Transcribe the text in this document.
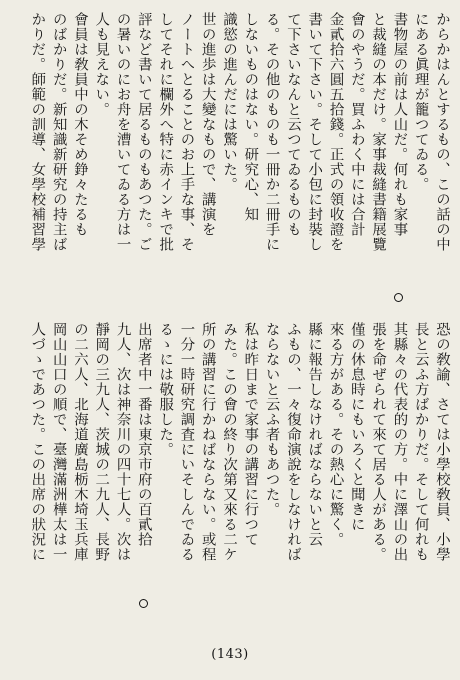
からかはんとするもの、この話の中
にある眞理が籠つてゐる。
書物屋の前は人山だ。何れも家事
と裁縫の本だけ。家事裁縫書籍展覽
會のやうだ。買ふわく中には合計
金貳拾六圓五拾錢。正式の領收證を
書いて下さい。そして小包に封裝し
て下さいなんと云つてゐるものも
る。その他のものも一冊か二冊手に
しないものはない。研究心、知
識慾の進んだには驚いた。
世の進歩は大變なもので、講演を
ノートへとることのお上手な事、そ
してそれに欄外へ特に赤インキで批
評など書いて居るものもあつた。ご
の暑いのにお舟を漕いてゐる方は一
人も見えない。
會員は敎員中の木そめ錚々たるも
のばかりだ。新知識新研究の持主ば
かりだ。師範の訓導、女學校補習學
恐の敎諭、さては小學校敎員、小學
長と云ふ方ばかりだ。そして何れも
其縣々の代表的の方。中に澤山の出
張を命ぜられて來て居る人がある。
僅の休息時にもいろくと聞きに
來る方がある。その熱心に驚く。
縣に報告しなければならないと云
ふもの、一々復命演說をしなければ
ならないと云ふ者もあつた。
私は昨日まで家事の講習に行つて
みた。この會の終り次第又來る二ケ
所の講習に行かねばならない。或程
一分一時研究調査にいそしんでゐる
るゝには敬服した。
出席者中一番は東京市府の百貳拾
九人、次は神奈川の四十七人。次は
靜岡の三九人、茨城の二九人、長野
の二六人、北海道廣島栃木埼玉兵庫
岡山山口の順で、臺灣滿洲樺太は一
人づゝであつた。この出席の狀況に
(143)
